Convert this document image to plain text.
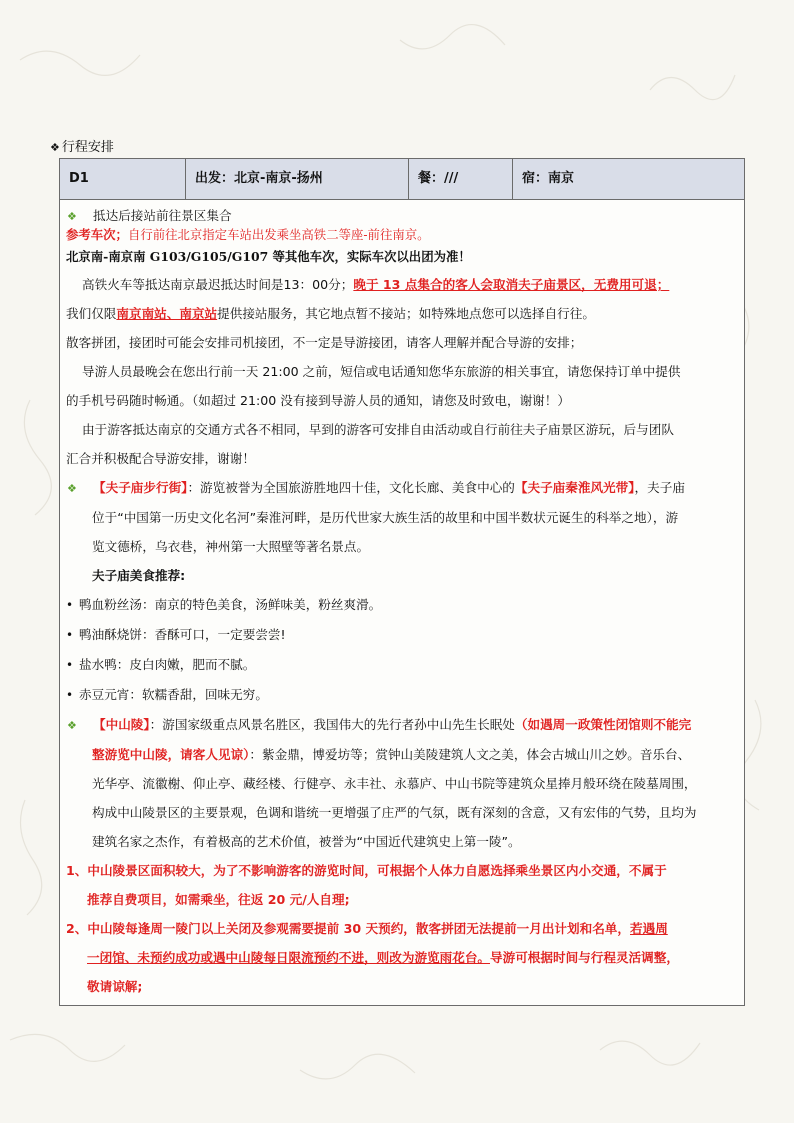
❖ 行程安排
D1	出发：北京-南京-扬州	餐：///	宿：南京
❖ 抵达后接站前往景区集合
参考车次；自行前往北京指定车站出发乘坐高铁二等座-前往南京。
北京南-南京南 G103/G105/G107 等其他车次，实际车次以出团为准！
高铁火车等抵达南京最迟抵达时间是13：00分；晚于 13 点集合的客人会取消夫子庙景区，无费用可退；
我们仅限南京南站、南京站提供接站服务，其它地点暂不接站；如特殊地点您可以选择自行往。
散客拼团，接团时可能会安排司机接团，不一定是导游接团，请客人理解并配合导游的安排；
导游人员最晚会在您出行前一天 21:00 之前，短信或电话通知您华东旅游的相关事宜，请您保持订单中提供
的手机号码随时畅通。（如超过 21:00 没有接到导游人员的通知，请您及时致电，谢谢！）
由于游客抵达南京的交通方式各不相同，早到的游客可安排自由活动或自行前往夫子庙景区游玩，后与团队
汇合并积极配合导游安排，谢谢！
❖ 【夫子庙步行街】：游览被誉为全国旅游胜地四十佳，文化长廊、美食中心的【夫子庙秦淮风光带】，夫子庙
位于“中国第一历史文化名河”秦淮河畔，是历代世家大族生活的故里和中国半数状元诞生的科举之地），游
览文德桥，乌衣巷，神州第一大照壁等著名景点。
夫子庙美食推荐:
• 鸭血粉丝汤：南京的特色美食，汤鲜味美，粉丝爽滑。
• 鸭油酥烧饼：香酥可口，一定要尝尝!
• 盐水鸭：皮白肉嫩，肥而不腻。
• 赤豆元宵：软糯香甜，回味无穷。
❖ 【中山陵】：游国家级重点风景名胜区，我国伟大的先行者孙中山先生长眠处（如遇周一政策性闭馆则不能完
整游览中山陵，请客人见谅）：紫金鼎，博爱坊等；赏钟山美陵建筑人文之美，体会古城山川之妙。音乐台、
光华亭、流徽榭、仰止亭、藏经楼、行健亭、永丰社、永慕庐、中山书院等建筑众星捧月般环绕在陵墓周围，
构成中山陵景区的主要景观，色调和谐统一更增强了庄严的气氛，既有深刻的含意，又有宏伟的气势，且均为
建筑名家之杰作，有着极高的艺术价值，被誉为“中国近代建筑史上第一陵”。
1、中山陵景区面积较大，为了不影响游客的游览时间，可根据个人体力自愿选择乘坐景区内小交通，不属于
推荐自费项目，如需乘坐，往返 20 元/人自理;
2、中山陵每逢周一陵门以上关闭及参观需要提前 30 天预约，散客拼团无法提前一月出计划和名单，若遇周
一闭馆、未预约成功或遇中山陵每日限流预约不进，则改为游览雨花台。导游可根据时间与行程灵活调整，
敬请谅解;
